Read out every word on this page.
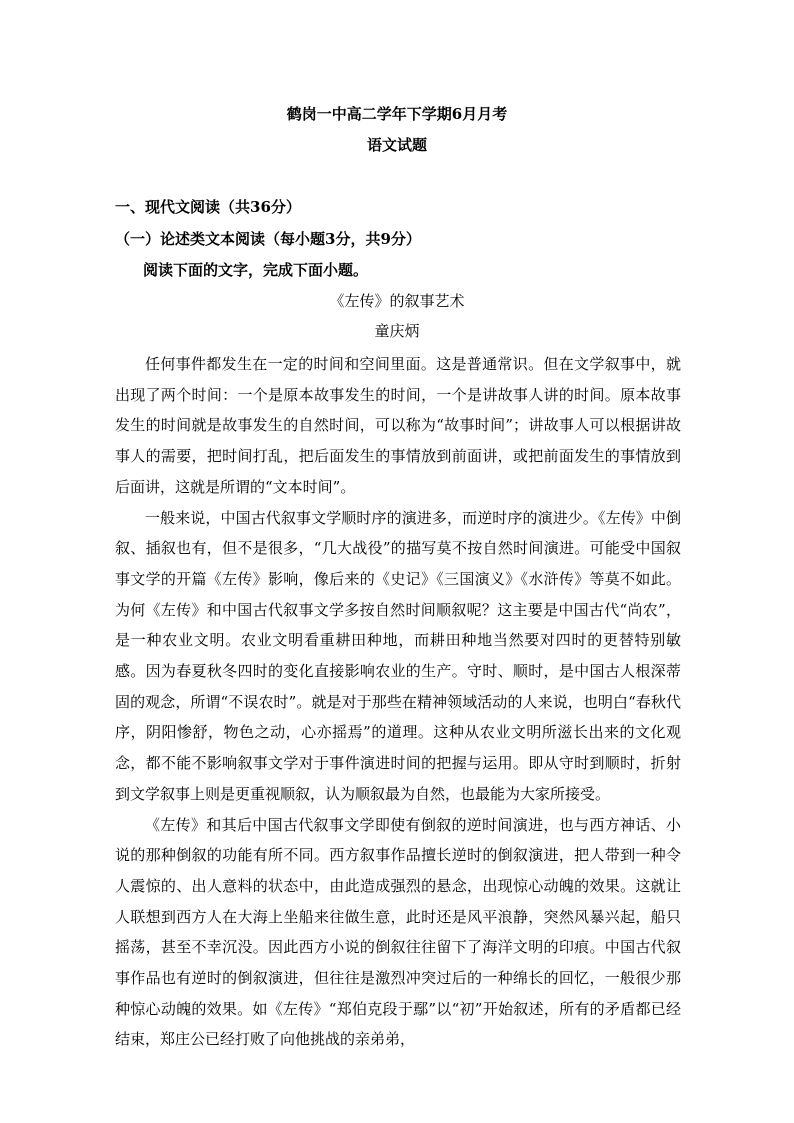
鹤岗一中高二学年下学期6月月考
语文试题
一、现代文阅读（共36分）
（一）论述类文本阅读（每小题3分，共9分）
阅读下面的文字，完成下面小题。
《左传》的叙事艺术
童庆炳

任何事件都发生在一定的时间和空间里面。这是普通常识。但在文学叙事中，就出现了两个时间：一个是原本故事发生的时间，一个是讲故事人讲的时间。原本故事发生的时间就是故事发生的自然时间，可以称为“故事时间”；讲故事人可以根据讲故事人的需要，把时间打乱，把后面发生的事情放到前面讲，或把前面发生的事情放到后面讲，这就是所谓的“文本时间”。

一般来说，中国古代叙事文学顺时序的演进多，而逆时序的演进少。《左传》中倒叙、插叙也有，但不是很多，“几大战役”的描写莫不按自然时间演进。可能受中国叙事文学的开篇《左传》影响，像后来的《史记》《三国演义》《水浒传》等莫不如此。为何《左传》和中国古代叙事文学多按自然时间顺叙呢？这主要是中国古代“尚农”，是一种农业文明。农业文明看重耕田种地，而耕田种地当然要对四时的更替特别敏感。因为春夏秋冬四时的变化直接影响农业的生产。守时、顺时，是中国古人根深蒂固的观念，所谓“不误农时”。就是对于那些在精神领域活动的人来说，也明白“春秋代序，阴阳惨舒，物色之动，心亦摇焉”的道理。这种从农业文明所滋长出来的文化观念，都不能不影响叙事文学对于事件演进时间的把握与运用。即从守时到顺时，折射到文学叙事上则是更重视顺叙，认为顺叙最为自然，也最能为大家所接受。

《左传》和其后中国古代叙事文学即使有倒叙的逆时间演进，也与西方神话、小说的那种倒叙的功能有所不同。西方叙事作品擅长逆时的倒叙演进，把人带到一种令人震惊的、出人意料的状态中，由此造成强烈的悬念，出现惊心动魄的效果。这就让人联想到西方人在大海上坐船来往做生意，此时还是风平浪静，突然风暴兴起，船只摇荡，甚至不幸沉没。因此西方小说的倒叙往往留下了海洋文明的印痕。中国古代叙事作品也有逆时的倒叙演进，但往往是激烈冲突过后的一种绵长的回忆，一般很少那种惊心动魄的效果。如《左传》“郑伯克段于鄢”以“初”开始叙述，所有的矛盾都已经结束，郑庄公已经打败了向他挑战的亲弟弟，
